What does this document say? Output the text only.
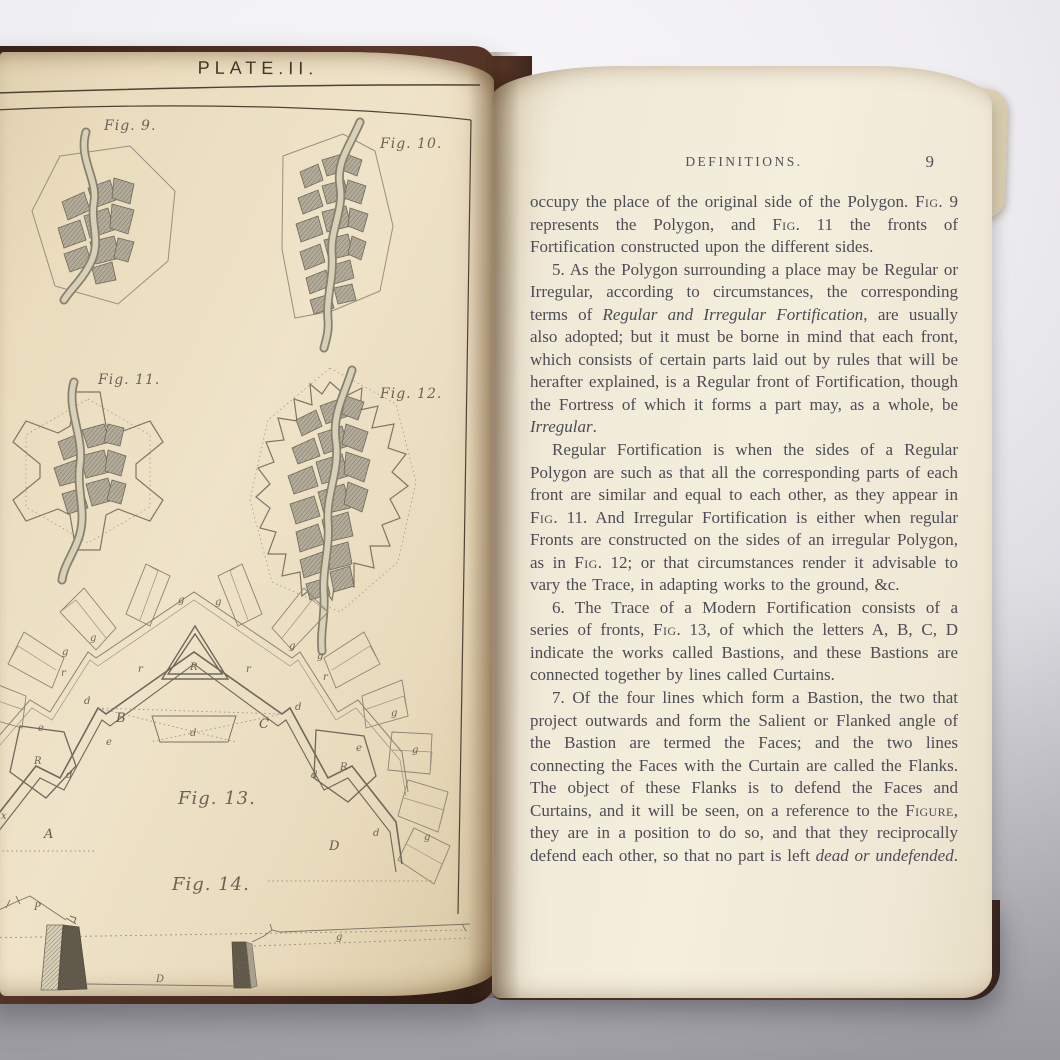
PLATE.II.
Fig. 9.
Fig. 10.
Fig. 11.
Fig. 12.
A
B	C
D
R
R
R
g	g
g
g
g
g
g
g
g
r	r	r
r
d
d
d
d
d
d
e
e
e
x
Fig. 13.
P
D
C
g
Fig. 14.
DEFINITIONS.	9

occupy the place of the original side of the Polygon. Fig. 9 represents the Polygon, and Fig. 11 the fronts of Fortification constructed upon the different sides.

5. As the Polygon surrounding a place may be Regular or Irregular, according to circumstances, the corresponding terms of Regular and Irregular Fortification, are usually also adopted; but it must be borne in mind that each front, which consists of certain parts laid out by rules that will be herafter explained, is a Regular front of Fortification, though the Fortress of which it forms a part may, as a whole, be Irregular.

Regular Fortification is when the sides of a Regular Polygon are such as that all the corresponding parts of each front are similar and equal to each other, as they appear in Fig. 11. And Irregular Fortification is either when regular Fronts are constructed on the sides of an irregular Polygon, as in Fig. 12; or that circumstances render it advisable to vary the Trace, in adapting works to the ground, &c.

6. The Trace of a Modern Fortification consists of a series of fronts, Fig. 13, of which the letters A, B, C, D indicate the works called Bastions, and these Bastions are connected together by lines called Curtains.

7. Of the four lines which form a Bastion, the two that project outwards and form the Salient or Flanked angle of the Bastion are termed the Faces; and the two lines connecting the Faces with the Curtain are called the Flanks. The object of these Flanks is to defend the Faces and Curtains, and it will be seen, on a reference to the Figure, they are in a position to do so, and that they reciprocally defend each other, so that no part is left dead or undefended.
